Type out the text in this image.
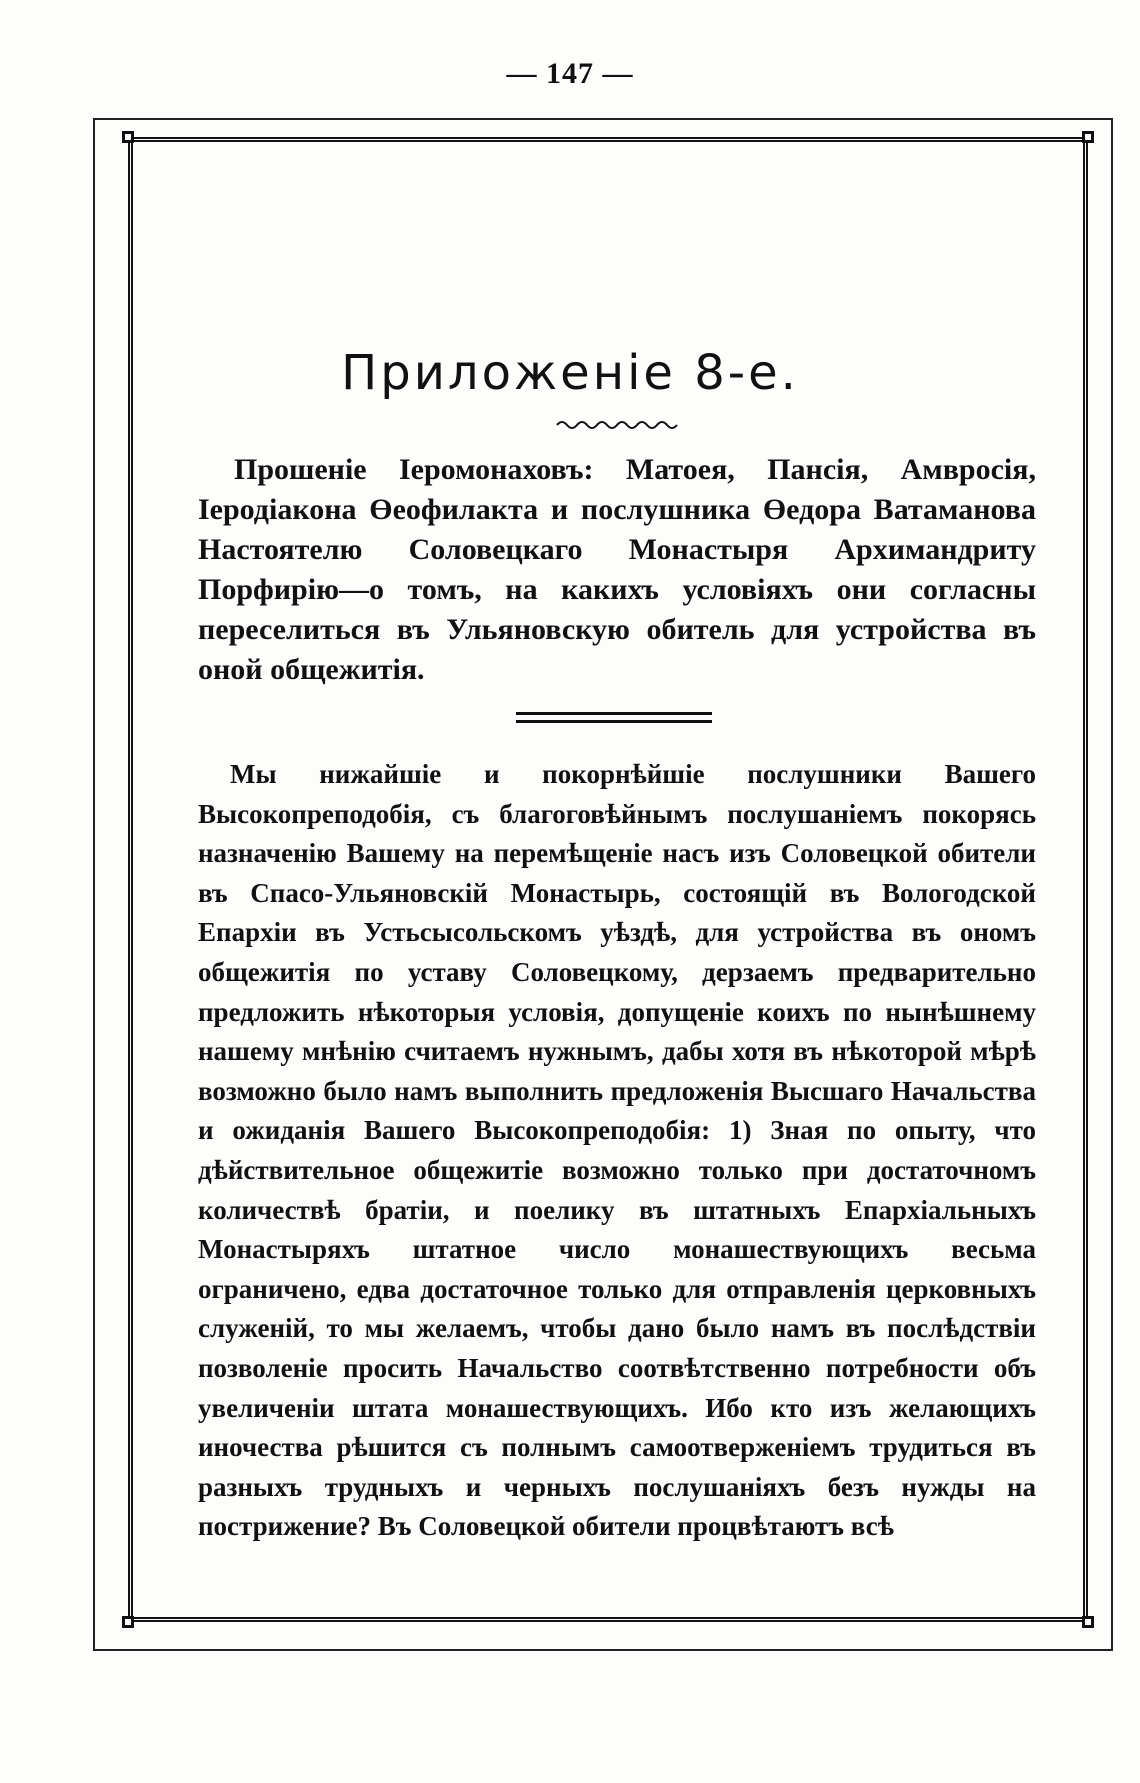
— 147 —
Приложенiе 8-е.
Прошенiе Iеромонаховъ: Матоея, Пансiя, Амвросiя, Iеродiакона Өеофилакта и послушника Өедора Ватаманова Настоятелю Соловецкаго Монастыря Архимандриту Порфирiю—о томъ, на какихъ условiяхъ они согласны переселиться въ Ульяновскую обитель для устройства въ оной общежитiя.
Мы нижайшiе и покорнѣйшiе послушники Вашего Высокопреподобiя, съ благоговѣйнымъ послушанiемъ покорясь назначенiю Вашему на перемѣщенiе насъ изъ Соловецкой обители въ Спасо-Ульяновскiй Монастырь, состоящiй въ Вологодской Епархiи въ Устьсысольскомъ уѣздѣ, для устройства въ ономъ общежитiя по уставу Соловецкому, дерзаемъ предварительно предложить нѣкоторыя условiя, допущенiе коихъ по нынѣшнему нашему мнѣнiю считаемъ нужнымъ, дабы хотя въ нѣкоторой мѣрѣ возможно было намъ выполнить предложенiя Высшаго Начальства и ожиданiя Вашего Высокопреподобiя: 1) Зная по опыту, что дѣйствительное общежитiе возможно только при достаточномъ количествѣ братiи, и поелику въ штатныхъ Епархiальныхъ Монастыряхъ штатное число монашествующихъ весьма ограничено, едва достаточное только для отправленiя церковныхъ служенiй, то мы желаемъ, чтобы дано было намъ въ послѣдствiи позволенiе просить Начальство соотвѣтственно потребности объ увеличенiи штата монашествующихъ. Ибо кто изъ желающихъ иночества рѣшится съ полнымъ самоотверженiемъ трудиться въ разныхъ трудныхъ и черныхъ послушанiяхъ безъ нужды на пострижение? Въ Соловецкой обители процвѣтаютъ всѣ
